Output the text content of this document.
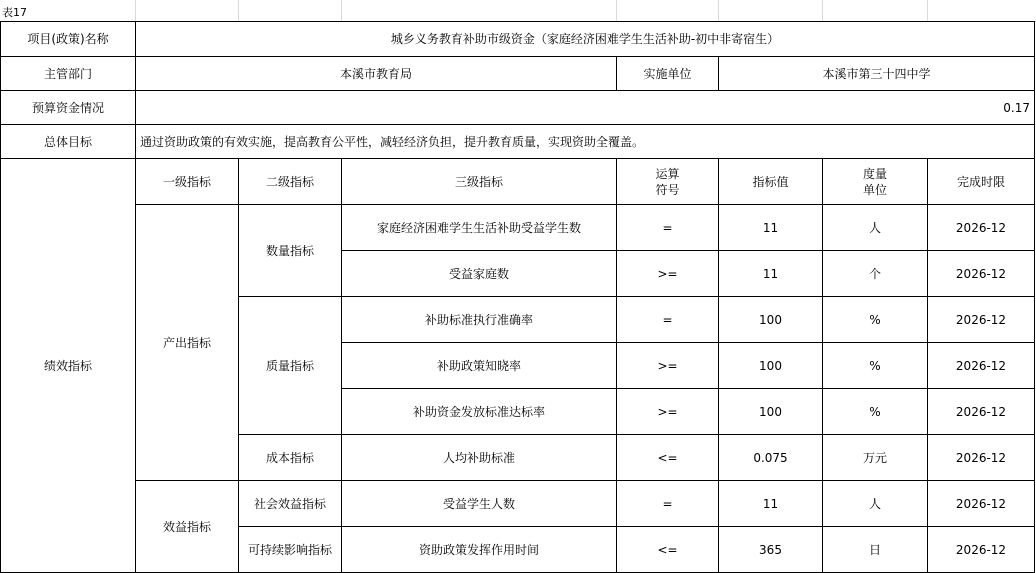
表17
项目(政策)名称	城乡义务教育补助市级资金（家庭经济困难学生生活补助-初中非寄宿生）						
主管部门	本溪市教育局			实施单位	本溪市第三十四中学		
预算资金情况	0.17						
总体目标	通过资助政策的有效实施，提高教育公平性，减轻经济负担，提升教育质量，实现资助全覆盖。						
绩效指标	一级指标	二级指标	三级指标	运算符号	指标值	度量单位	完成时限
	产出指标	数量指标	家庭经济困难学生生活补助受益学生数	=	11	人	2026-12
			受益家庭数	>=	11	个	2026-12
		质量指标	补助标准执行准确率	=	100	%	2026-12
			补助政策知晓率	>=	100	%	2026-12
			补助资金发放标准达标率	>=	100	%	2026-12
		成本指标	人均补助标准	<=	0.075	万元	2026-12
	效益指标	社会效益指标	受益学生人数	=	11	人	2026-12
		可持续影响指标	资助政策发挥作用时间	<=	365	日	2026-12
